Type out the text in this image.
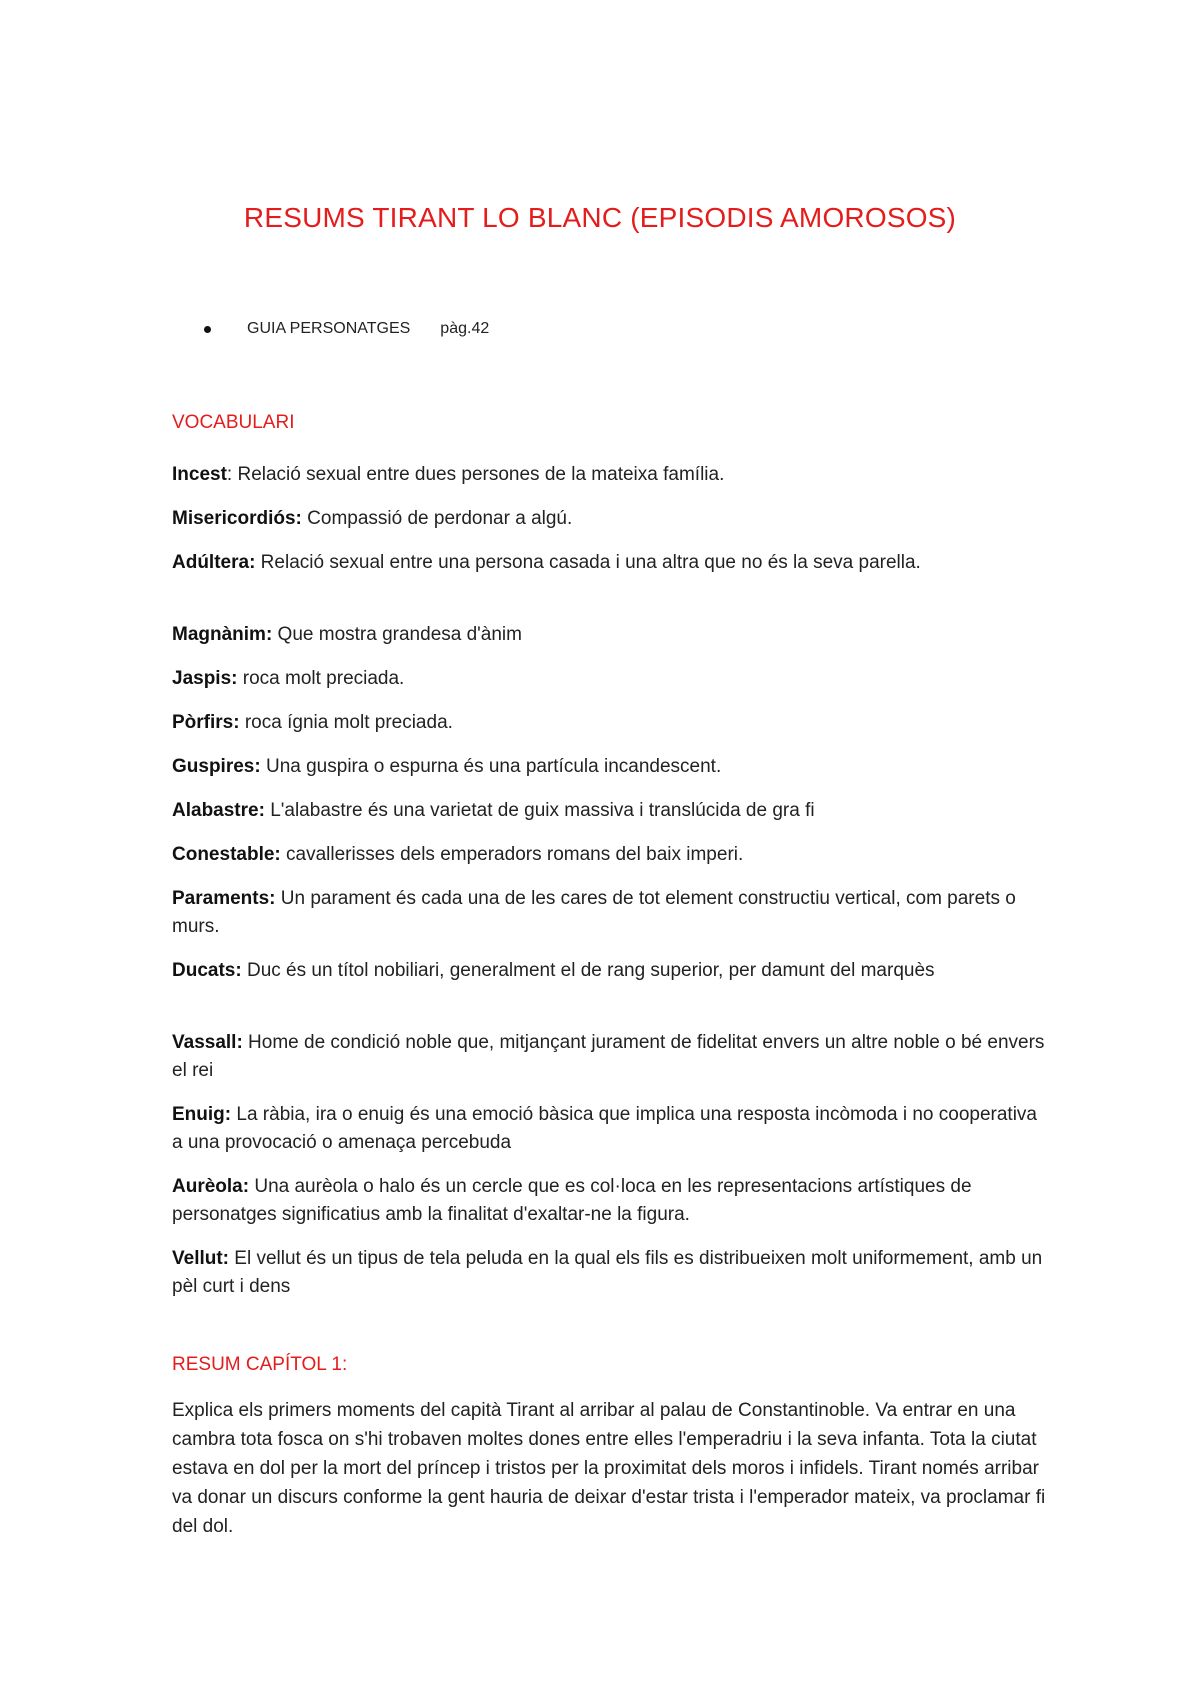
RESUMS TIRANT LO BLANC (EPISODIS AMOROSOS)
GUIA PERSONATGES pàg.42
VOCABULARI
Incest: Relació sexual entre dues persones de la mateixa família.
Misericordiós: Compassió de perdonar a algú.
Adúltera: Relació sexual entre una persona casada i una altra que no és la seva parella.
Magnànim: Que mostra grandesa d'ànim
Jaspis: roca molt preciada.
Pòrfirs: roca ígnia molt preciada.
Guspires: Una guspira o espurna és una partícula incandescent.
Alabastre: L'alabastre és una varietat de guix massiva i translúcida de gra fi
Conestable: cavallerisses dels emperadors romans del baix imperi.
Paraments: Un parament és cada una de les cares de tot element constructiu vertical, com parets o murs.
Ducats: Duc és un títol nobiliari, generalment el de rang superior, per damunt del marquès
Vassall: Home de condició noble que, mitjançant jurament de fidelitat envers un altre noble o bé envers el rei
Enuig: La ràbia, ira o enuig és una emoció bàsica que implica una resposta incòmoda i no cooperativa a una provocació o amenaça percebuda
Aurèola: Una aurèola o halo és un cercle que es col·loca en les representacions artístiques de personatges significatius amb la finalitat d'exaltar-ne la figura.
Vellut: El vellut és un tipus de tela peluda en la qual els fils es distribueixen molt uniformement, amb un pèl curt i dens
RESUM CAPÍTOL 1:
Explica els primers moments del capità Tirant al arribar al palau de Constantinoble. Va entrar en una cambra tota fosca on s'hi trobaven moltes dones entre elles l'emperadriu i la seva infanta. Tota la ciutat estava en dol per la mort del príncep i tristos per la proximitat dels moros i infidels. Tirant només arribar va donar un discurs conforme la gent hauria de deixar d'estar trista i l'emperador mateix, va proclamar fi del dol.
